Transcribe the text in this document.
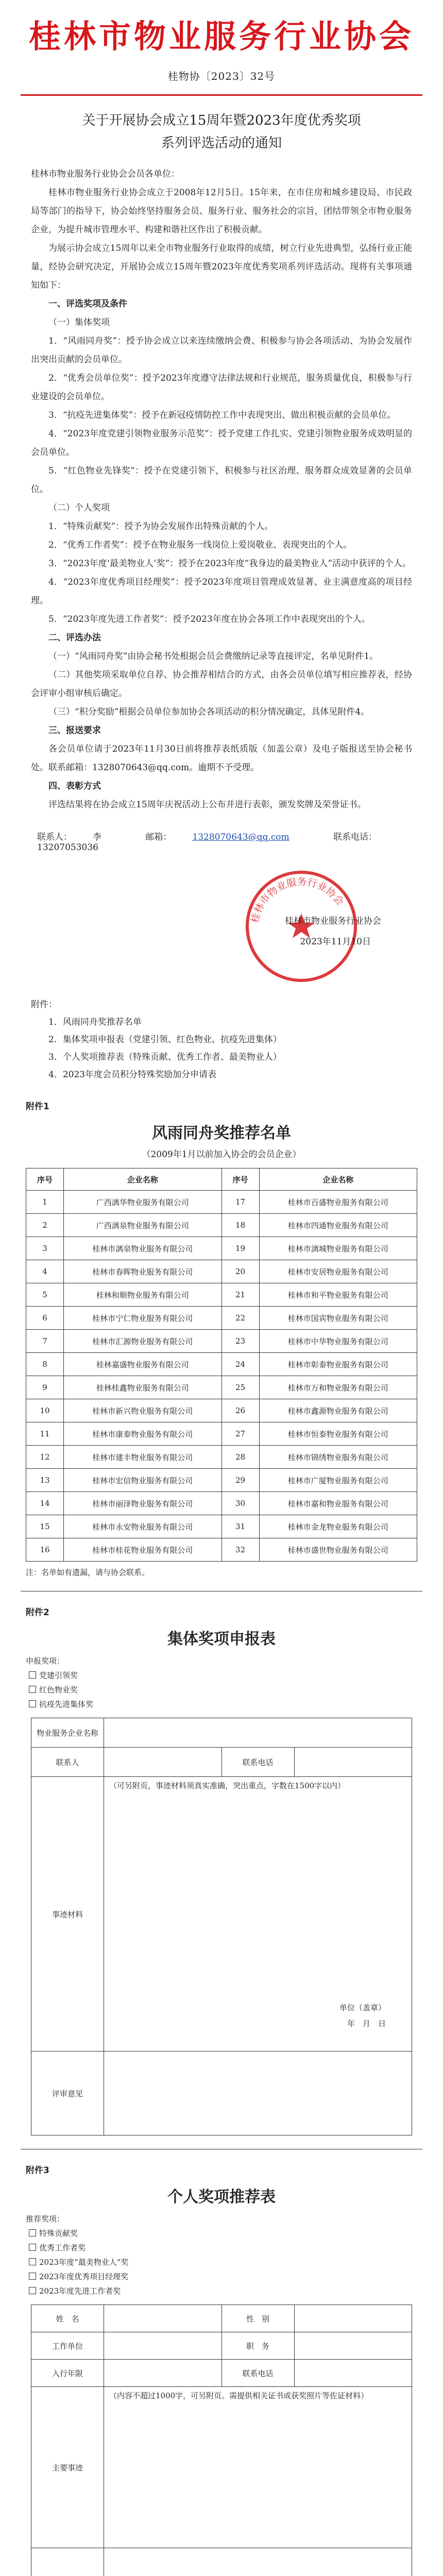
桂林市物业服务行业协会
桂物协〔2023〕32号
关于开展协会成立15周年暨2023年度优秀奖项
系列评选活动的通知

桂林市物业服务行业协会会员各单位：

桂林市物业服务行业协会成立于2008年12月5日。15年来，在市住房和城乡建设局、市民政局等部门的指导下，协会始终坚持服务会员、服务行业、服务社会的宗旨，团结带领全市物业服务企业，为提升城市管理水平、构建和谐社区作出了积极贡献。

为展示协会成立15周年以来全市物业服务行业取得的成绩，树立行业先进典型，弘扬行业正能量，经协会研究决定，开展协会成立15周年暨2023年度优秀奖项系列评选活动。现将有关事项通知如下：

一、评选奖项及条件

（一）集体奖项

1．“风雨同舟奖”：授予协会成立以来连续缴纳会费、积极参与协会各项活动、为协会发展作出突出贡献的会员单位。

2．“优秀会员单位奖”：授予2023年度遵守法律法规和行业规范，服务质量优良，积极参与行业建设的会员单位。

3．“抗疫先进集体奖”：授予在新冠疫情防控工作中表现突出、做出积极贡献的会员单位。

4．“2023年度党建引领物业服务示范奖”：授予党建工作扎实、党建引领物业服务成效明显的会员单位。

5．“红色物业先锋奖”：授予在党建引领下，积极参与社区治理、服务群众成效显著的会员单位。

（二）个人奖项

1．“特殊贡献奖”：授予为协会发展作出特殊贡献的个人。

2．“优秀工作者奖”：授予在物业服务一线岗位上爱岗敬业、表现突出的个人。

3．“2023年度‘最美物业人’奖”：授予在2023年度“我身边的最美物业人”活动中获评的个人。

4．“2023年度优秀项目经理奖”：授予2023年度项目管理成效显著、业主满意度高的项目经理。

5．“2023年度先进工作者奖”：授予2023年度在协会各项工作中表现突出的个人。

二、评选办法

（一）“风雨同舟奖”由协会秘书处根据会员会费缴纳记录等直接评定，名单见附件1。

（二）其他奖项采取单位自荐、协会推荐相结合的方式，由各会员单位填写相应推荐表，经协会评审小组审核后确定。

（三）“积分奖励”根据会员单位参加协会各项活动的积分情况确定，具体见附件4。

三、报送要求

各会员单位请于2023年11月30日前将推荐表纸质版（加盖公章）及电子版报送至协会秘书处。联系邮箱：1328070643@qq.com。逾期不予受理。

四、表彰方式

评选结果将在协会成立15周年庆祝活动上公布并进行表彰，颁发奖牌及荣誉证书。

联系人： 李	邮箱： 1328070643@qq.com	联系电话：13207053036
桂林市物业服务行业协会
桂林市物业服务行业协会
2023年11月10日

附件：

1．风雨同舟奖推荐名单

2．集体奖项申报表（党建引领、红色物业、抗疫先进集体）

3．个人奖项推荐表（特殊贡献、优秀工作者、最美物业人）

4．2023年度会员积分特殊奖励加分申请表

附件1
风雨同舟奖推荐名单
（2009年1月以前加入协会的会员企业）
序号	企业名称	序号	企业名称
1	广西漓华物业服务有限公司	17	桂林市百盛物业服务有限公司
2	广西漓泉物业服务有限公司	18	桂林市四通物业服务有限公司
3	桂林市漓泉物业服务有限公司	19	桂林市漓城物业服务有限公司
4	桂林市春晖物业服务有限公司	20	桂林市安居物业服务有限公司
5	桂林和顺物业服务有限公司	21	桂林市和平物业服务有限公司
6	桂林市宁仁物业服务有限公司	22	桂林市国宾物业服务有限公司
7	桂林市汇源物业服务有限公司	23	桂林市中华物业服务有限公司
8	桂林嘉盛物业服务有限公司	24	桂林市彰泰物业服务有限公司
9	桂林桂鑫物业服务有限公司	25	桂林市万和物业服务有限公司
10	桂林市新兴物业服务有限公司	26	桂林市鑫源物业服务有限公司
11	桂林市康泰物业服务有限公司	27	桂林市恒泰物业服务有限公司
12	桂林市建丰物业服务有限公司	28	桂林市锦绣物业服务有限公司
13	桂林市宏信物业服务有限公司	29	桂林市广厦物业服务有限公司
14	桂林市丽泽物业服务有限公司	30	桂林市嘉和物业服务有限公司
15	桂林市永安物业服务有限公司	31	桂林市金龙物业服务有限公司
16	桂林市桂花物业服务有限公司	32	桂林市盛世物业服务有限公司
注：名单如有遗漏，请与协会联系。
附件2
集体奖项申报表
申报奖项：
党建引领奖
红色物业奖
抗疫先进集体奖
物业服务企业名称			
联系人		联系电话	
事迹材料	（可另附页，事迹材料须真实准确，突出重点，字数在1500字以内）
单位（盖章）
年　月　日		

评审意见			
附件3
个人奖项推荐表
推荐奖项：
特殊贡献奖
优秀工作者奖
2023年度“最美物业人”奖
2023年度优秀项目经理奖
2023年度先进工作者奖
姓　名		性　别	
工作单位		职　务	
入行年限		联系电话	
主要事迹	（内容不超过1000字，可另附页。需提供相关证书或获奖照片等佐证材料）		
